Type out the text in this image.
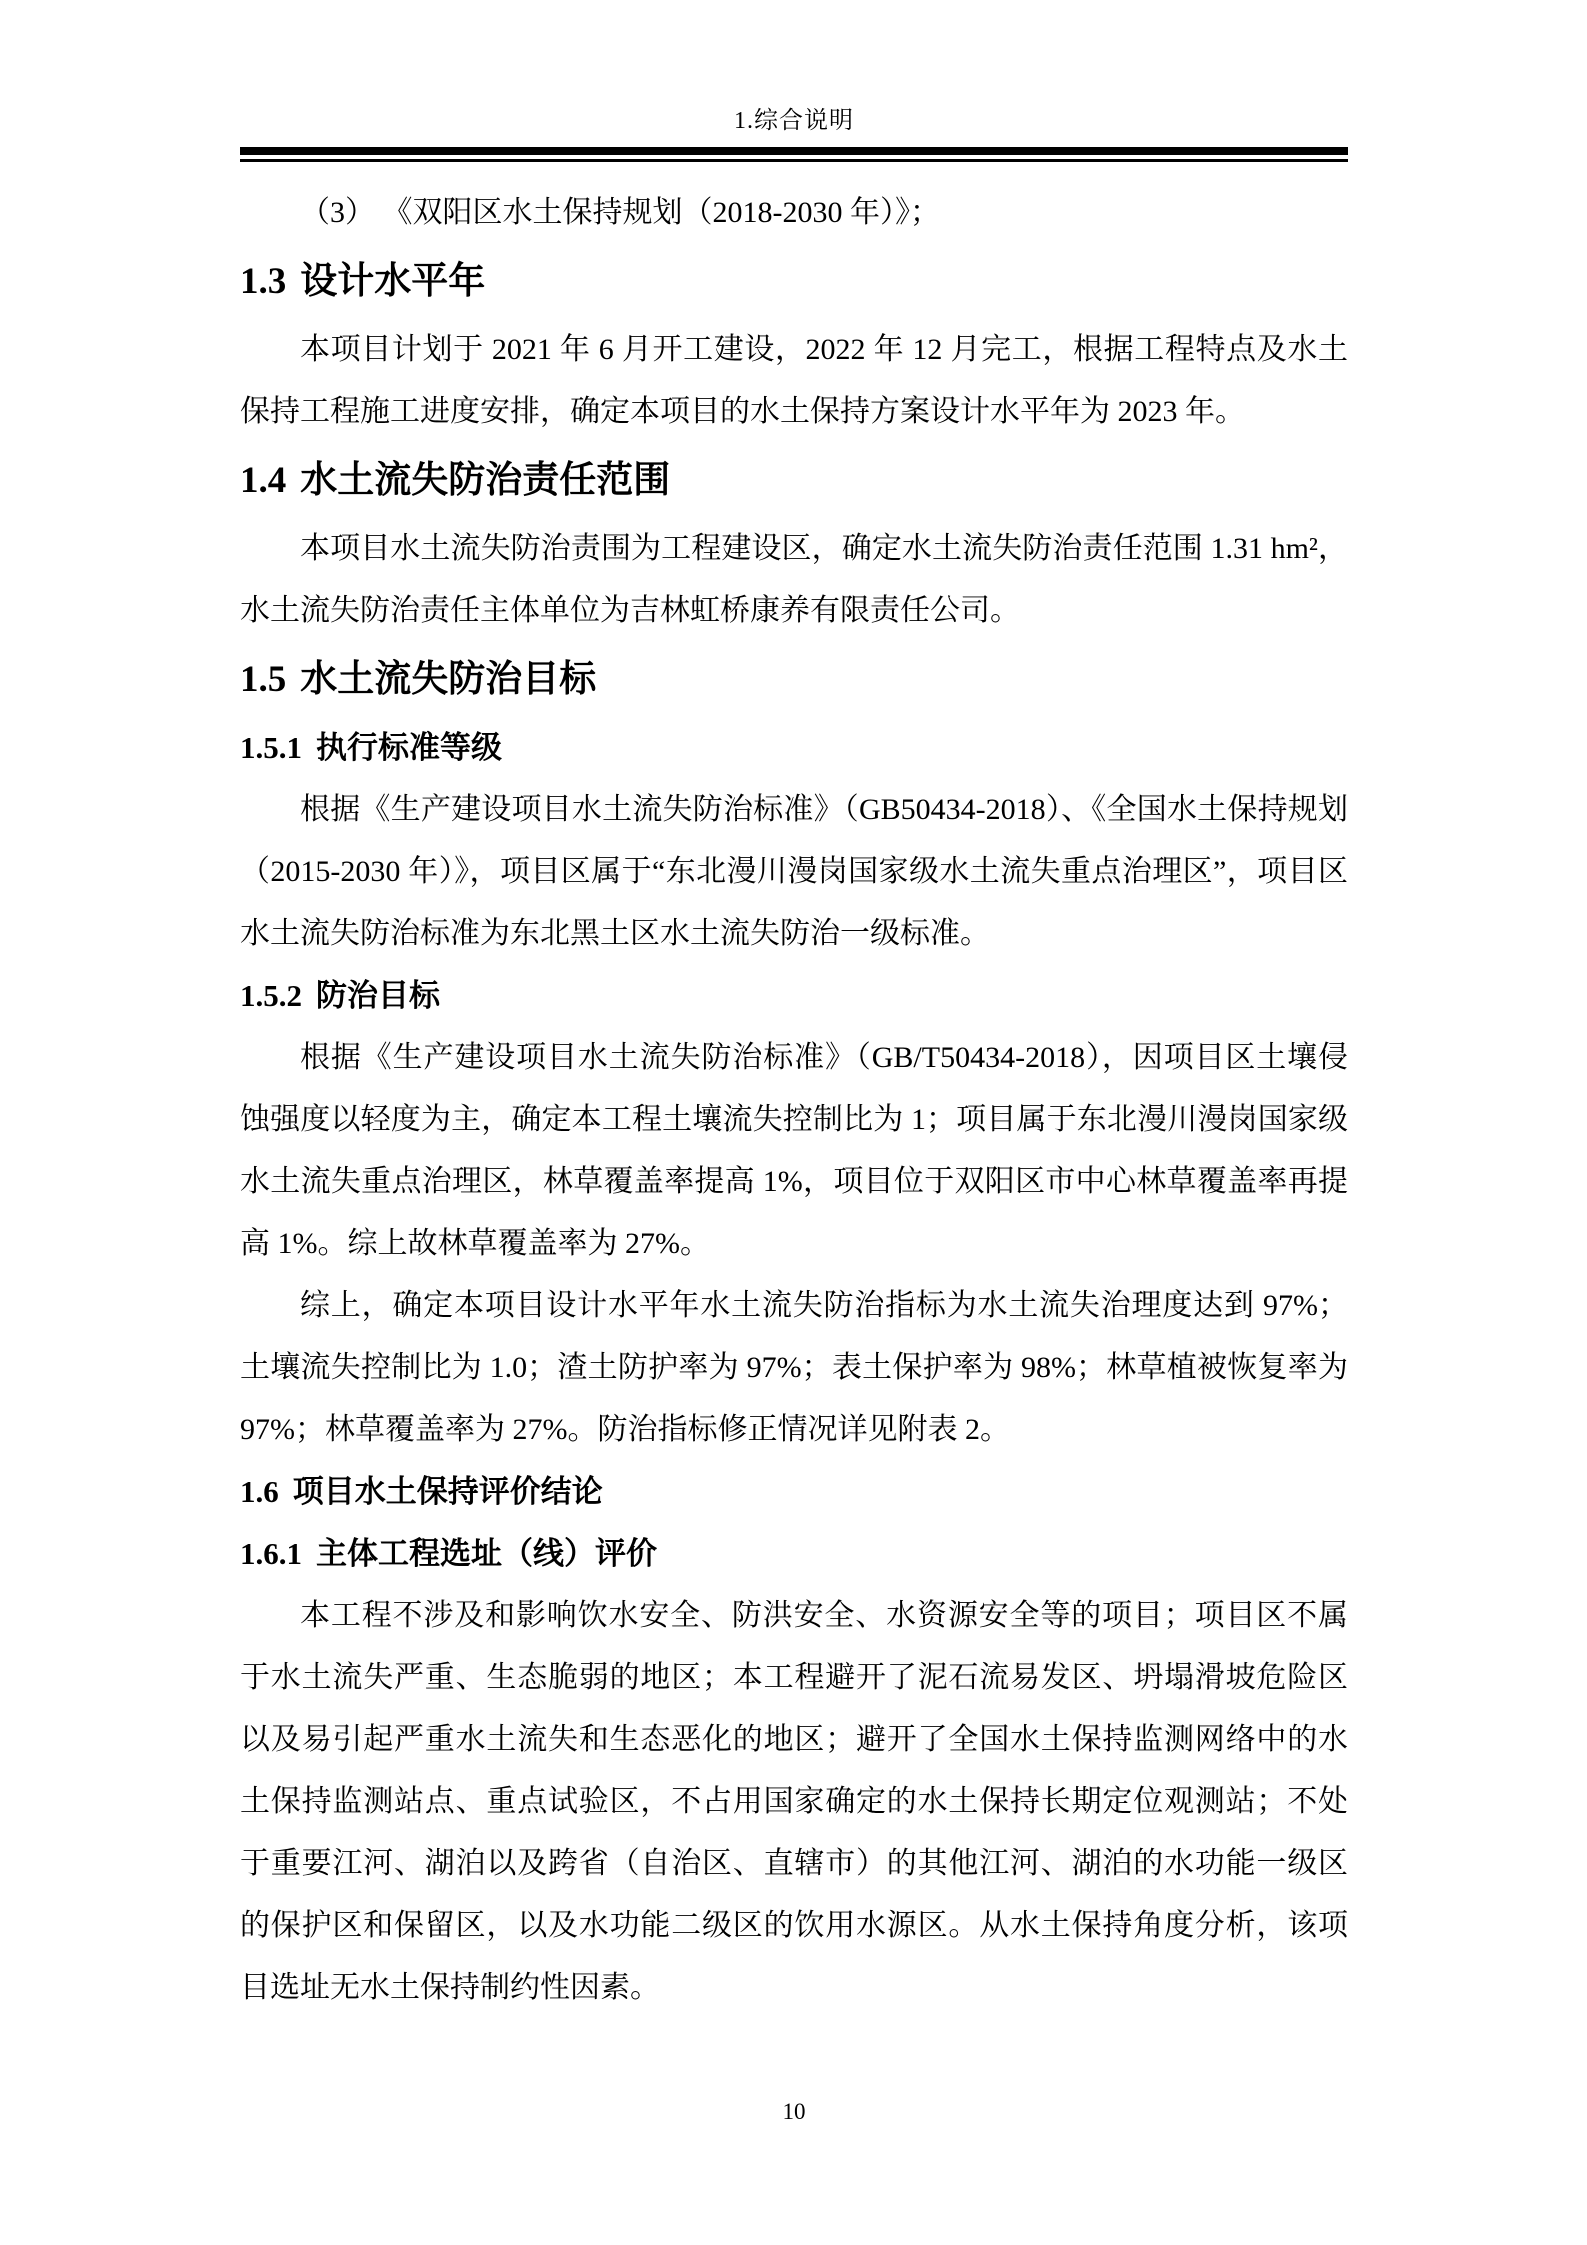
1.综合说明
（3） 《双阳区水土保持规划（2018-2030 年）》；
1.3 设计水平年

本项目计划于 2021 年 6 月开工建设，2022 年 12 月完工，根据工程特点及水土保持工程施工进度安排，确定本项目的水土保持方案设计水平年为 2023 年。

1.4 水土流失防治责任范围

本项目水土流失防治责围为工程建设区，确定水土流失防治责任范围 1.31 hm²，水土流失防治责任主体单位为吉林虹桥康养有限责任公司。

1.5 水土流失防治目标
1.5.1 执行标准等级

根据《生产建设项目水土流失防治标准》（GB50434-2018）、《全国水土保持规划（2015-2030 年）》，项目区属于“东北漫川漫岗国家级水土流失重点治理区”，项目区水土流失防治标准为东北黑土区水土流失防治一级标准。

1.5.2 防治目标

根据《生产建设项目水土流失防治标准》（GB/T50434-2018），因项目区土壤侵蚀强度以轻度为主，确定本工程土壤流失控制比为 1；项目属于东北漫川漫岗国家级水土流失重点治理区，林草覆盖率提高 1%，项目位于双阳区市中心林草覆盖率再提高 1%。综上故林草覆盖率为 27%。

综上，确定本项目设计水平年水土流失防治指标为水土流失治理度达到 97%；土壤流失控制比为 1.0；渣土防护率为 97%；表土保护率为 98%；林草植被恢复率为 97%；林草覆盖率为 27%。防治指标修正情况详见附表 2。

1.6 项目水土保持评价结论
1.6.1 主体工程选址（线）评价

本工程不涉及和影响饮水安全、防洪安全、水资源安全等的项目；项目区不属于水土流失严重、生态脆弱的地区；本工程避开了泥石流易发区、坍塌滑坡危险区以及易引起严重水土流失和生态恶化的地区；避开了全国水土保持监测网络中的水土保持监测站点、重点试验区，不占用国家确定的水土保持长期定位观测站；不处于重要江河、湖泊以及跨省（自治区、直辖市）的其他江河、湖泊的水功能一级区的保护区和保留区，以及水功能二级区的饮用水源区。从水土保持角度分析，该项目选址无水土保持制约性因素。

10
